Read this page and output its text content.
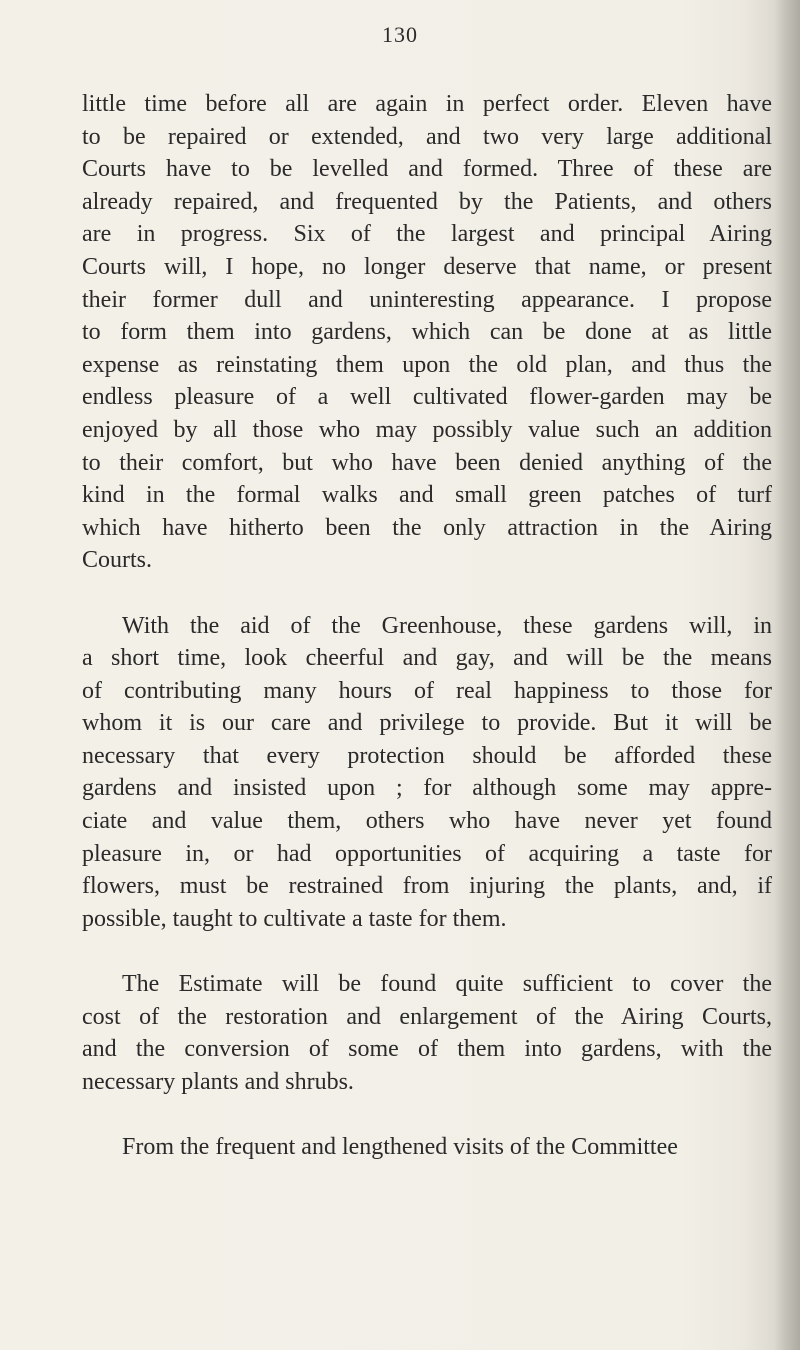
130
little time before all are again in perfect order. Eleven have
to be repaired or extended, and two very large additional
Courts have to be levelled and formed. Three of these are
already repaired, and frequented by the Patients, and others
are in progress. Six of the largest and principal Airing
Courts will, I hope, no longer deserve that name, or present
their former dull and uninteresting appearance. I propose
to form them into gardens, which can be done at as little
expense as reinstating them upon the old plan, and thus the
endless pleasure of a well cultivated flower-garden may be
enjoyed by all those who may possibly value such an addition
to their comfort, but who have been denied anything of the
kind in the formal walks and small green patches of turf
which have hitherto been the only attraction in the Airing
Courts.
With the aid of the Greenhouse, these gardens will, in
a short time, look cheerful and gay, and will be the means
of contributing many hours of real happiness to those for
whom it is our care and privilege to provide. But it will be
necessary that every protection should be afforded these
gardens and insisted upon ; for although some may appre-
ciate and value them, others who have never yet found
pleasure in, or had opportunities of acquiring a taste for
flowers, must be restrained from injuring the plants, and, if
possible, taught to cultivate a taste for them.
The Estimate will be found quite sufficient to cover the
cost of the restoration and enlargement of the Airing Courts,
and the conversion of some of them into gardens, with the
necessary plants and shrubs.
From the frequent and lengthened visits of the Committee
